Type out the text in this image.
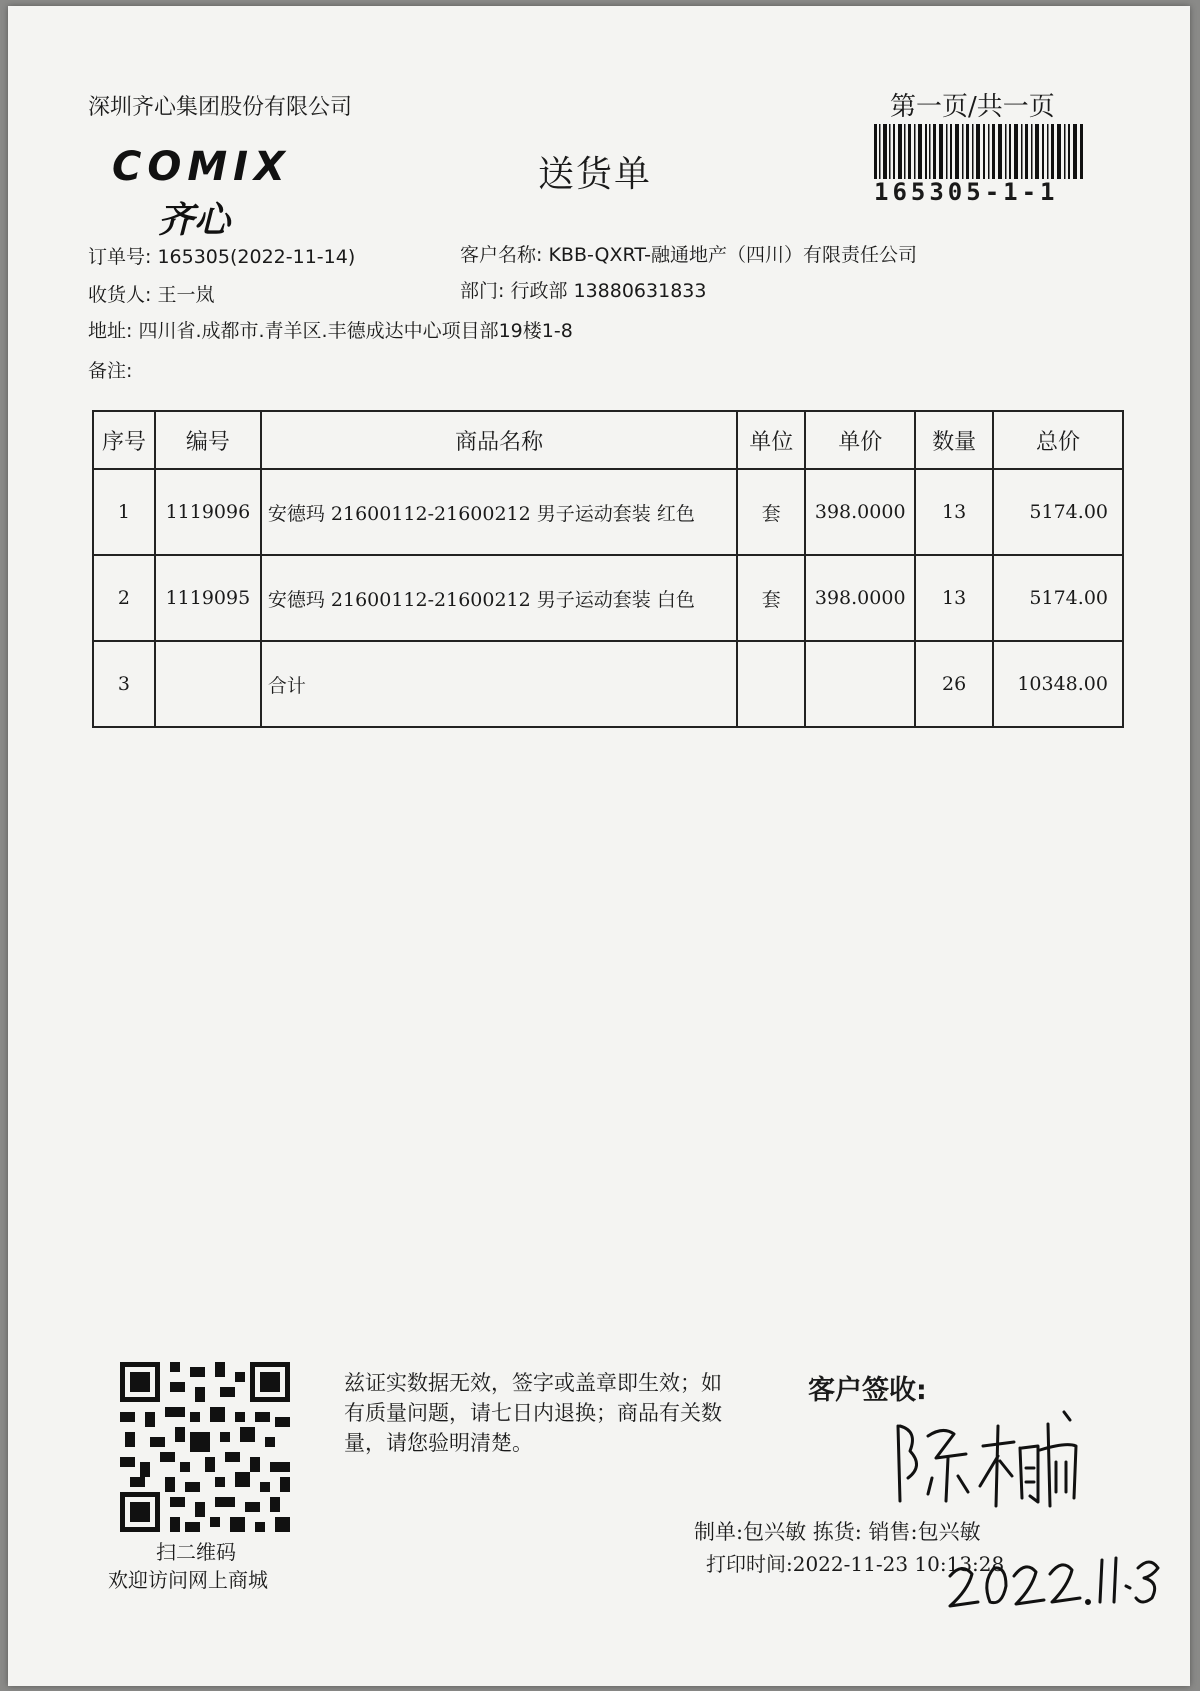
深圳齐心集团股份有限公司	第一页/共一页
COMIX
齐心
送货单	165305-1-1
订单号: 165305(2022-11-14)	客户名称: KBB-QXRT-融通地产（四川）有限责任公司
收货人: 王一岚	部门: 行政部 13880631833
地址: 四川省.成都市.青羊区.丰德成达中心项目部19楼1-8
备注:
序号	编号	商品名称	单位	单价	数量	总价
1	1119096	安德玛 21600112-21600212 男子运动套装 红色	套	398.0000	13	5174.00
2	1119095	安德玛 21600112-21600212 男子运动套装 白色	套	398.0000	13	5174.00
3		合计			26	10348.00
扫二维码
欢迎访问网上商城
兹证实数据无效，签字或盖章即生效；如有质量问题，请七日内退换；商品有关数量，请您验明清楚。
客户签收:
制单:包兴敏 拣货: 销售:包兴敏
打印时间:2022-11-23 10:13:28
